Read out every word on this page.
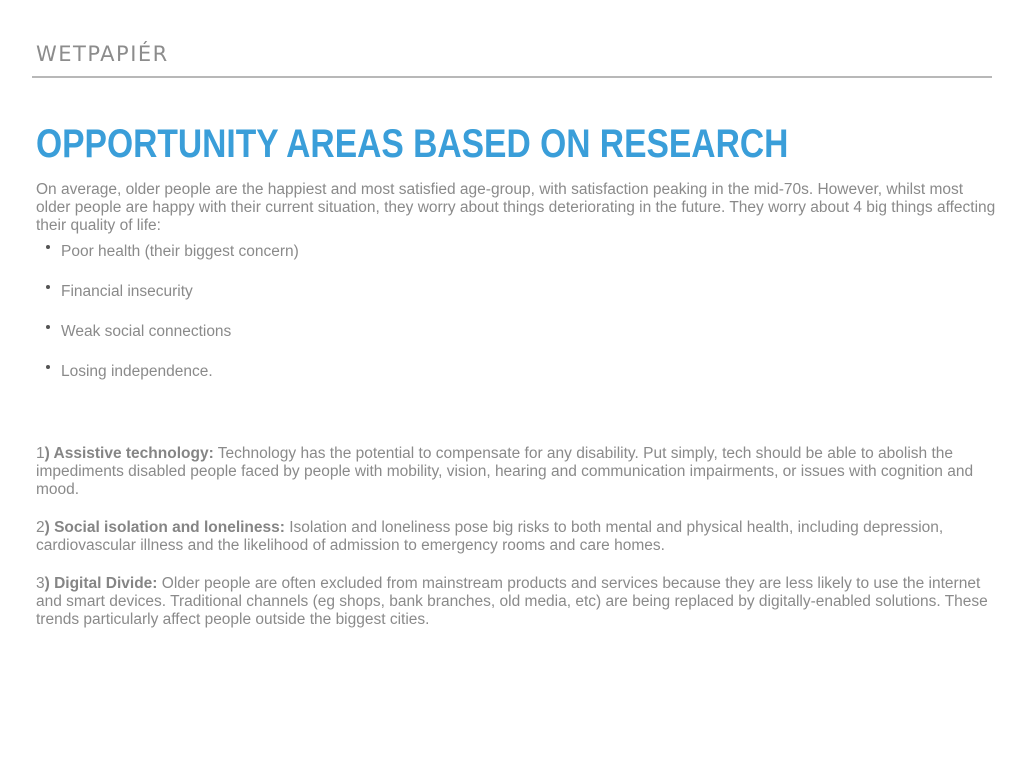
WETPAPIÉR
OPPORTUNITY AREAS BASED ON RESEARCH

On average, older people are the happiest and most satisfied age-group, with satisfaction peaking in the mid-70s. However, whilst most older people are happy with their current situation, they worry about things deteriorating in the future. They worry about 4 big things affecting their quality of life:

Poor health (their biggest concern)
Financial insecurity
Weak social connections
Losing independence.

1) Assistive technology: Technology has the potential to compensate for any disability. Put simply, tech should be able to abolish the impediments disabled people faced by people with mobility, vision, hearing and communication impairments, or issues with cognition and mood.

2) Social isolation and loneliness: Isolation and loneliness pose big risks to both mental and physical health, including depression, cardiovascular illness and the likelihood of admission to emergency rooms and care homes.

3) Digital Divide: Older people are often excluded from mainstream products and services because they are less likely to use the internet and smart devices. Traditional channels (eg shops, bank branches, old media, etc) are being replaced by digitally-enabled solutions. These trends particularly affect people outside the biggest cities.
